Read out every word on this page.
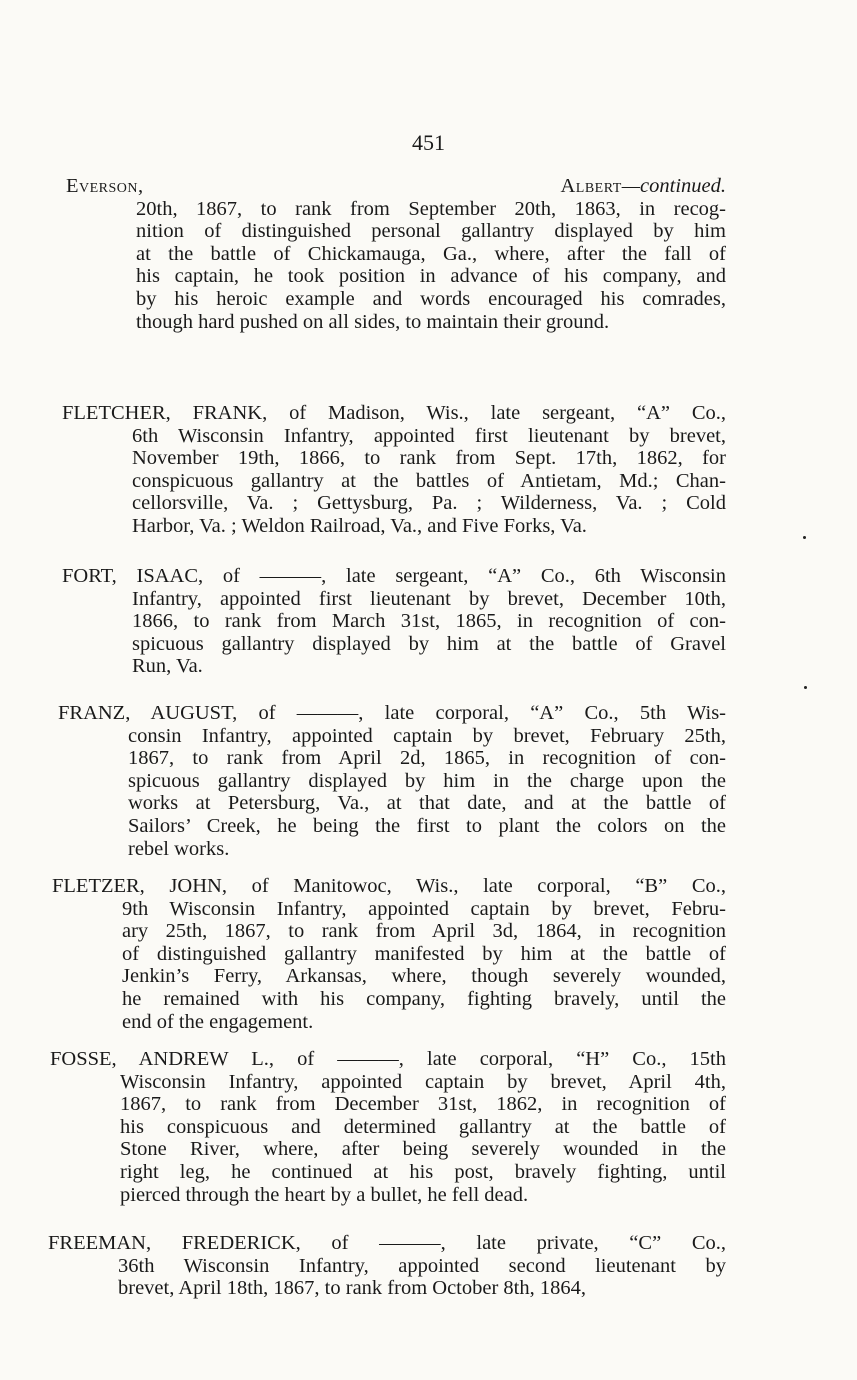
451
Everson, Albert—continued.
20th, 1867, to rank from September 20th, 1863, in recog-
nition of distinguished personal gallantry displayed by him
at the battle of Chickamauga, Ga., where, after the fall of
his captain, he took position in advance of his company, and
by his heroic example and words encouraged his comrades,
though hard pushed on all sides, to maintain their ground.
FLETCHER, FRANK, of Madison, Wis., late sergeant, “A” Co.,
6th Wisconsin Infantry, appointed first lieutenant by brevet,
November 19th, 1866, to rank from Sept. 17th, 1862, for
conspicuous gallantry at the battles of Antietam, Md.; Chan-
cellorsville, Va. ; Gettysburg, Pa. ; Wilderness, Va. ; Cold
Harbor, Va. ; Weldon Railroad, Va., and Five Forks, Va.
FORT, ISAAC, of ———, late sergeant, “A” Co., 6th Wisconsin
Infantry, appointed first lieutenant by brevet, December 10th,
1866, to rank from March 31st, 1865, in recognition of con-
spicuous gallantry displayed by him at the battle of Gravel
Run, Va.
FRANZ, AUGUST, of ———, late corporal, “A” Co., 5th Wis-
consin Infantry, appointed captain by brevet, February 25th,
1867, to rank from April 2d, 1865, in recognition of con-
spicuous gallantry displayed by him in the charge upon the
works at Petersburg, Va., at that date, and at the battle of
Sailors’ Creek, he being the first to plant the colors on the
rebel works.
FLETZER, JOHN, of Manitowoc, Wis., late corporal, “B” Co.,
9th Wisconsin Infantry, appointed captain by brevet, Febru-
ary 25th, 1867, to rank from April 3d, 1864, in recognition
of distinguished gallantry manifested by him at the battle of
Jenkin’s Ferry, Arkansas, where, though severely wounded,
he remained with his company, fighting bravely, until the
end of the engagement.
FOSSE, ANDREW L., of ———, late corporal, “H” Co., 15th
Wisconsin Infantry, appointed captain by brevet, April 4th,
1867, to rank from December 31st, 1862, in recognition of
his conspicuous and determined gallantry at the battle of
Stone River, where, after being severely wounded in the
right leg, he continued at his post, bravely fighting, until
pierced through the heart by a bullet, he fell dead.
FREEMAN, FREDERICK, of ———, late private, “C” Co.,
36th Wisconsin Infantry, appointed second lieutenant by
brevet, April 18th, 1867, to rank from October 8th, 1864,
